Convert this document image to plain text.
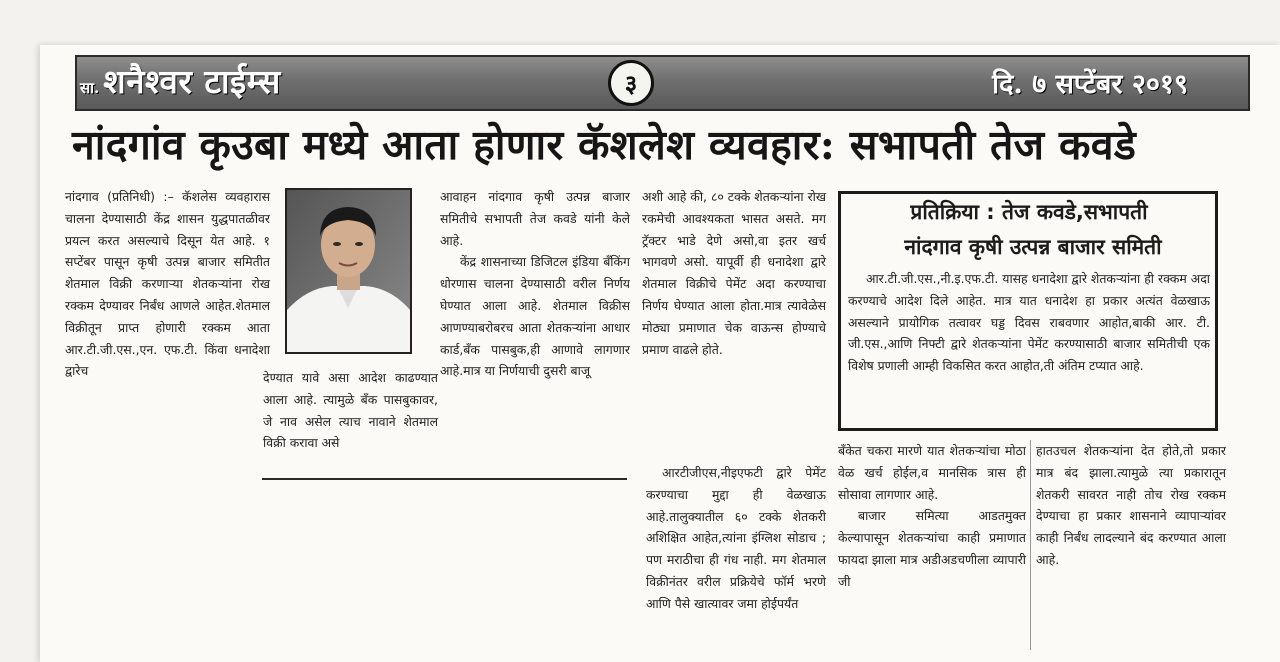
सा. शनैश्वर टाईम्स	३	दि. ७ सप्टेंबर २०१९
नांदगांव कृउबा मध्ये आता होणार कॅशलेश व्यवहार: सभापती तेज कवडे

नांदगाव (प्रतिनिधी) :– कॅशलेस व्यवहारास चालना देण्यासाठी केंद्र शासन युद्धपातळीवर प्रयत्न करत असल्याचे दिसून येत आहे. १ सप्टेंबर पासून कृषी उत्पन्न बाजार समितीत शेतमाल विक्री करणाऱ्या शेतकऱ्यांना रोख रक्कम देण्यावर निर्बंध आणले आहेत.शेतमाल विक्रीतून प्राप्त होणारी रक्कम आता आर.टी.जी.एस.,एन. एफ.टी. किंवा धनादेशा द्वारेच	देण्यात यावे असा आदेश काढण्यात आला आहे. त्यामुळे बँक पासबुकावर, जे नाव असेल त्याच नावाने शेतमाल विक्री करावा असे

आवाहन नांदगाव कृषी उत्पन्न बाजार समितीचे सभापती तेज कवडे यांनी केले आहे.

केंद्र शासनाच्या डिजिटल इंडिया बँकिंग धोरणास चालना देण्यासाठी वरील निर्णय घेण्यात आला आहे. शेतमाल विक्रीस आणण्याबरोबरच आता शेतकऱ्यांना आधार कार्ड,बँक पासबुक,ही आणावे लागणार आहे.मात्र या निर्णयाची दुसरी बाजू

अशी आहे की, ८० टक्के शेतकऱ्यांना रोख रकमेची आवश्यकता भासत असते. मग ट्रॅक्टर भाडे देणे असो,वा इतर खर्च भागवणे असो. यापूर्वी ही धनादेशा द्वारे शेतमाल विक्रीचे पेमेंट अदा करण्याचा निर्णय घेण्यात आला होता.मात्र त्यावेळेस मोठ्या प्रमाणात चेक वाऊन्स होण्याचे प्रमाण वाढले होते.

आरटीजीएस,नीइएफटी द्वारे पेमेंट करण्याचा मुद्दा ही वेळखाऊ आहे.तालुक्यातील ६० टक्के शेतकरी अशिक्षित आहेत,त्यांना इंग्लिश सोडाच ; पण मराठीचा ही गंध नाही. मग शेतमाल विक्रीनंतर वरील प्रक्रियेचे फॉर्म भरणे आणि पैसे खात्यावर जमा होईपर्यंत

प्रतिक्रिया : तेज कवडे,सभापती
नांदगाव कृषी उत्पन्न बाजार समिती

आर.टी.जी.एस.,नी.इ.एफ.टी. यासह धनादेशा द्वारे शेतकऱ्यांना ही रक्कम अदा करण्याचे आदेश दिले आहेत. मात्र यात धनादेश हा प्रकार अत्यंत वेळखाऊ असल्याने प्रायोगिक तत्वावर घड्ड दिवस राबवणार आहोत,बाकी आर. टी. जी.एस.,आणि निफ्टी द्वारे शेतकऱ्यांना पेमेंट करण्यासाठी बाजार समितीची एक विशेष प्रणाली आम्ही विकसित करत आहोत,ती अंतिम टप्यात आहे.

बँकेत चकरा मारणे यात शेतकऱ्यांचा मोठा वेळ खर्च होईल,व मानसिक त्रास ही सोसावा लागणार आहे.

बाजार समित्या आडतमुक्त केल्यापासून शेतकऱ्यांचा काही प्रमाणात फायदा झाला मात्र अडीअडचणीला व्यापारी जी

हातउचल शेतकऱ्यांना देत होते,तो प्रकार मात्र बंद झाला.त्यामुळे त्या प्रकारातून शेतकरी सावरत नाही तोच रोख रक्कम देण्याचा हा प्रकार शासनाने व्यापाऱ्यांवर काही निर्बंध लादल्याने बंद करण्यात आला आहे.
